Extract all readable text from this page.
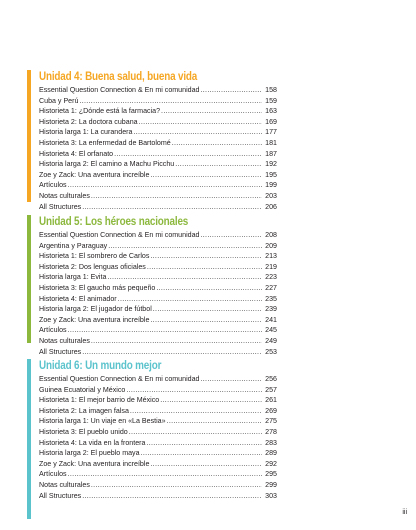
Unidad 4: Buena salud, buena vida
Essential Question Connection & En mi comunidad .....	158
Cuba y Perú .....	159
Historieta 1: ¿Dónde está la farmacia? .....	163
Historieta 2: La doctora cubana .....	169
Historia larga 1: La curandera .....	177
Historieta 3: La enfermedad de Bartolomé .....	181
Historieta 4: El orfanato .....	187
Historia larga 2: El camino a Machu Picchu .....	192
Zoe y Zack: Una aventura increíble .....	195
Artículos .....	199
Notas culturales .....	203
All Structures .....	206
Unidad 5: Los héroes nacionales
Essential Question Connection & En mi comunidad .....	208
Argentina y Paraguay .....	209
Historieta 1: El sombrero de Carlos .....	213
Historieta 2: Dos lenguas oficiales .....	219
Historia larga 1: Evita .....	223
Historieta 3: El gaucho más pequeño .....	227
Historieta 4: El animador .....	235
Historia larga 2: El jugador de fútbol .....	239
Zoe y Zack: Una aventura increíble .....	241
Artículos .....	245
Notas culturales .....	249
All Structures .....	253
Unidad 6: Un mundo mejor
Essential Question Connection & En mi comunidad .....	256
Guinea Ecuatorial y México .....	257
Historieta 1: El mejor barrio de México .....	261
Historieta 2: La imagen falsa .....	269
Historia larga 1: Un viaje en «La Bestia» .....	275
Historieta 3: El pueblo unido .....	278
Historieta 4: La vida en la frontera .....	283
Historia larga 2: El pueblo maya .....	289
Zoe y Zack: Una aventura increíble .....	292
Artículos .....	295
Notas culturales .....	299
All Structures .....	303
iii
